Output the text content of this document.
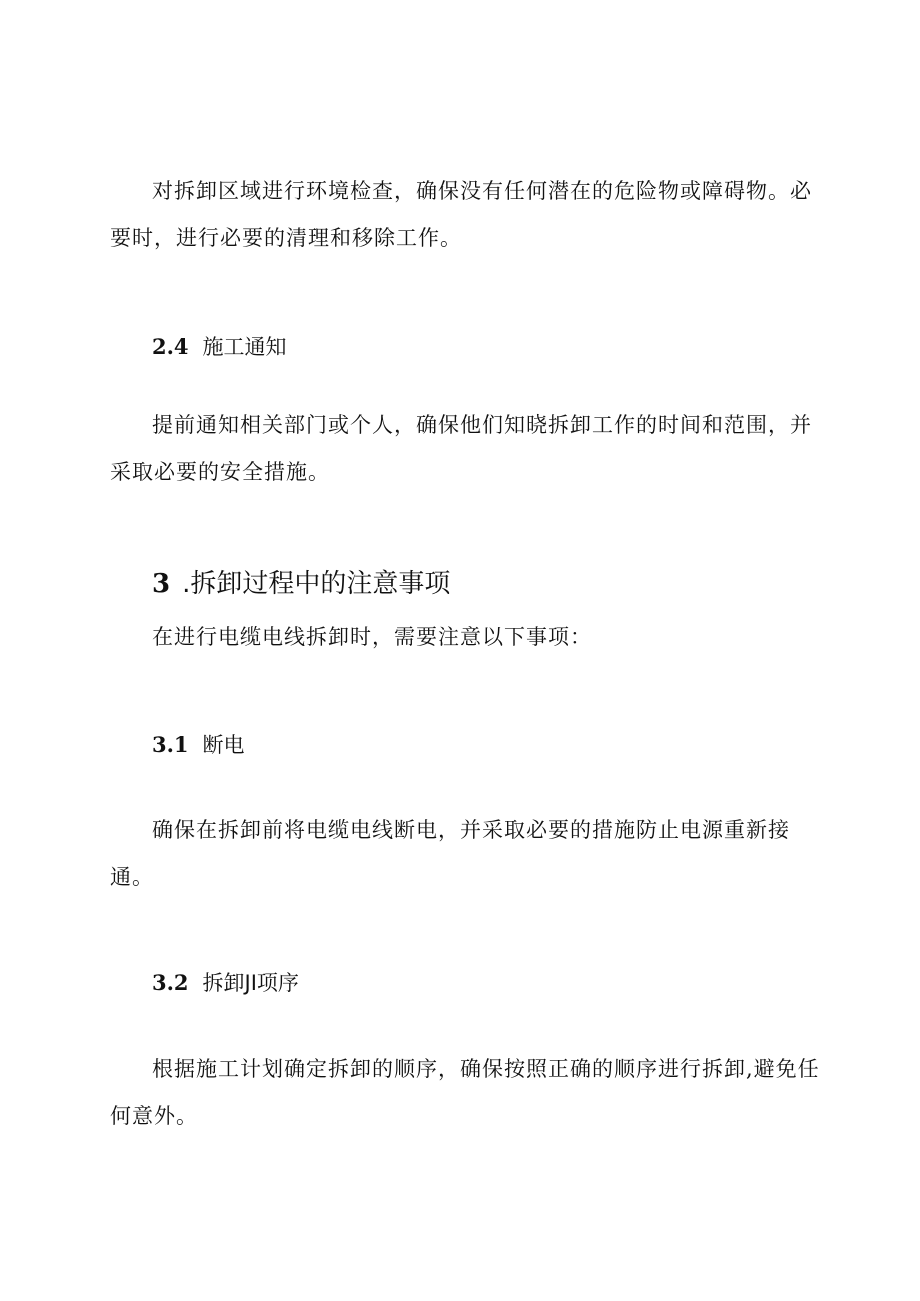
对拆卸区域进行环境检查，确保没有任何潜在的危险物或障碍物。必要时，进行必要的清理和移除工作。

2.4 施工通知

提前通知相关部门或个人，确保他们知晓拆卸工作的时间和范围，并采取必要的安全措施。

3 .拆卸过程中的注意事项

在进行电缆电线拆卸时，需要注意以下事项：

3.1 断电

确保在拆卸前将电缆电线断电，并采取必要的措施防止电源重新接通。

3.2 拆卸JI项序

根据施工计划确定拆卸的顺序，确保按照正确的顺序进行拆卸,避免任何意外。
